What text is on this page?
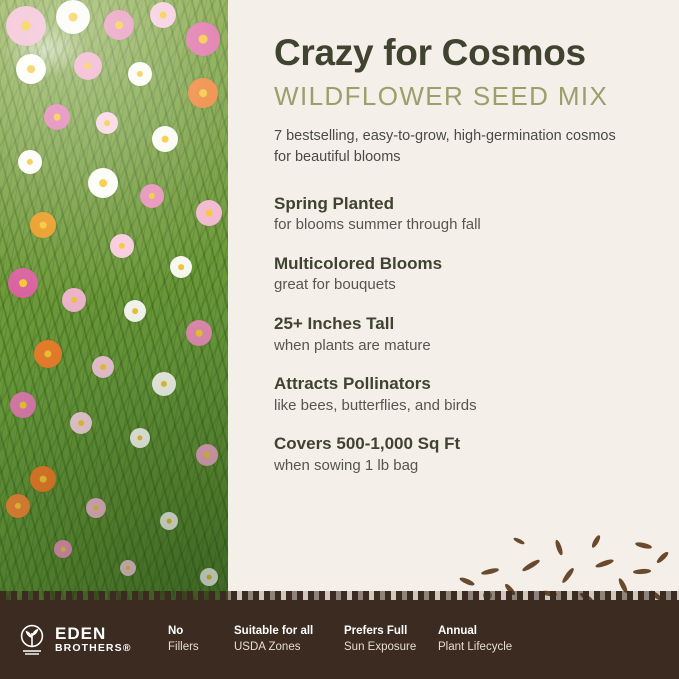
Crazy for Cosmos
WILDFLOWER SEED MIX

7 bestselling, easy-to-grow, high-germination cosmos for beautiful blooms

Spring Planted

for blooms summer through fall

Multicolored Blooms

great for bouquets

25+ Inches Tall

when plants are mature

Attracts Pollinators

like bees, butterflies, and birds

Covers 500-1,000 Sq Ft

when sowing 1 lb bag

EDEN
BROTHERS®
No
Fillers
Suitable for all
USDA Zones
Prefers Full
Sun Exposure
Annual
Plant Lifecycle
